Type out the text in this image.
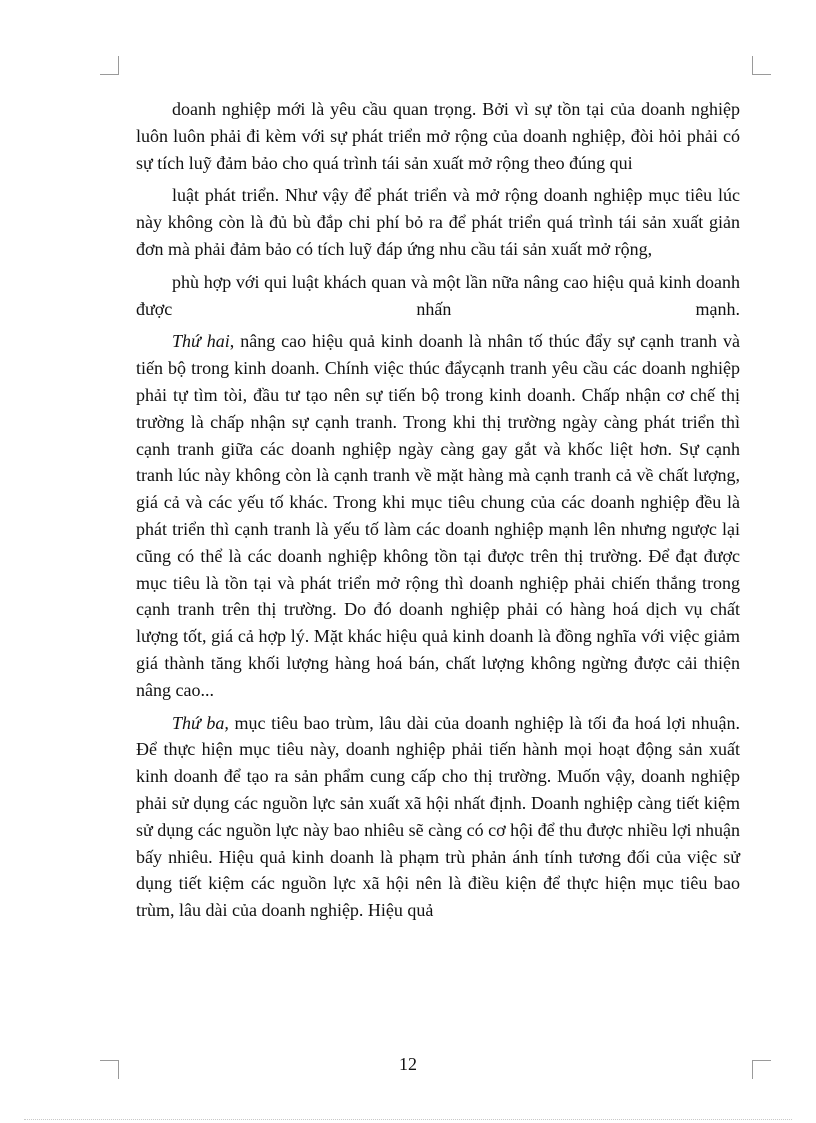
doanh nghiệp mới là yêu cầu quan trọng. Bởi vì sự tồn tại của doanh nghiệp luôn luôn phải đi kèm với sự phát triển mở rộng của doanh nghiệp, đòi hỏi phải có sự tích luỹ đảm bảo cho quá trình tái sản xuất mở rộng theo đúng qui

luật phát triển. Như vậy để phát triển và mở rộng doanh nghiệp mục tiêu lúc này không còn là đủ bù đắp chi phí bỏ ra để phát triển quá trình tái sản xuất giản đơn mà phải đảm bảo có tích luỹ đáp ứng nhu cầu tái sản xuất mở rộng,

phù hợp với qui luật khách quan và một lần nữa nâng cao hiệu quả kinh doanh được nhấn mạnh.

Thứ hai, nâng cao hiệu quả kinh doanh là nhân tố thúc đẩy sự cạnh tranh và tiến bộ trong kinh doanh. Chính việc thúc đẩycạnh tranh yêu cầu các doanh nghiệp phải tự tìm tòi, đầu tư tạo nên sự tiến bộ trong kinh doanh. Chấp nhận cơ chế thị trường là chấp nhận sự cạnh tranh. Trong khi thị trường ngày càng phát triển thì cạnh tranh giữa các doanh nghiệp ngày càng gay gắt và khốc liệt hơn. Sự cạnh tranh lúc này không còn là cạnh tranh về mặt hàng mà cạnh tranh cả về chất lượng, giá cả và các yếu tố khác. Trong khi mục tiêu chung của các doanh nghiệp đều là phát triển thì cạnh tranh là yếu tố làm các doanh nghiệp mạnh lên nhưng ngược lại cũng có thể là các doanh nghiệp không tồn tại được trên thị trường. Để đạt được mục tiêu là tồn tại và phát triển mở rộng thì doanh nghiệp phải chiến thắng trong cạnh tranh trên thị trường. Do đó doanh nghiệp phải có hàng hoá dịch vụ chất lượng tốt, giá cả hợp lý. Mặt khác hiệu quả kinh doanh là đồng nghĩa với việc giảm giá thành tăng khối lượng hàng hoá bán, chất lượng không ngừng được cải thiện nâng cao...

Thứ ba, mục tiêu bao trùm, lâu dài của doanh nghiệp là tối đa hoá lợi nhuận. Để thực hiện mục tiêu này, doanh nghiệp phải tiến hành mọi hoạt động sản xuất kinh doanh để tạo ra sản phẩm cung cấp cho thị trường. Muốn vậy, doanh nghiệp phải sử dụng các nguồn lực sản xuất xã hội nhất định. Doanh nghiệp càng tiết kiệm sử dụng các nguồn lực này bao nhiêu sẽ càng có cơ hội để thu được nhiều lợi nhuận bấy nhiêu. Hiệu quả kinh doanh là phạm trù phản ánh tính tương đối của việc sử dụng tiết kiệm các nguồn lực xã hội nên là điều kiện để thực hiện mục tiêu bao trùm, lâu dài của doanh nghiệp. Hiệu quả

12
